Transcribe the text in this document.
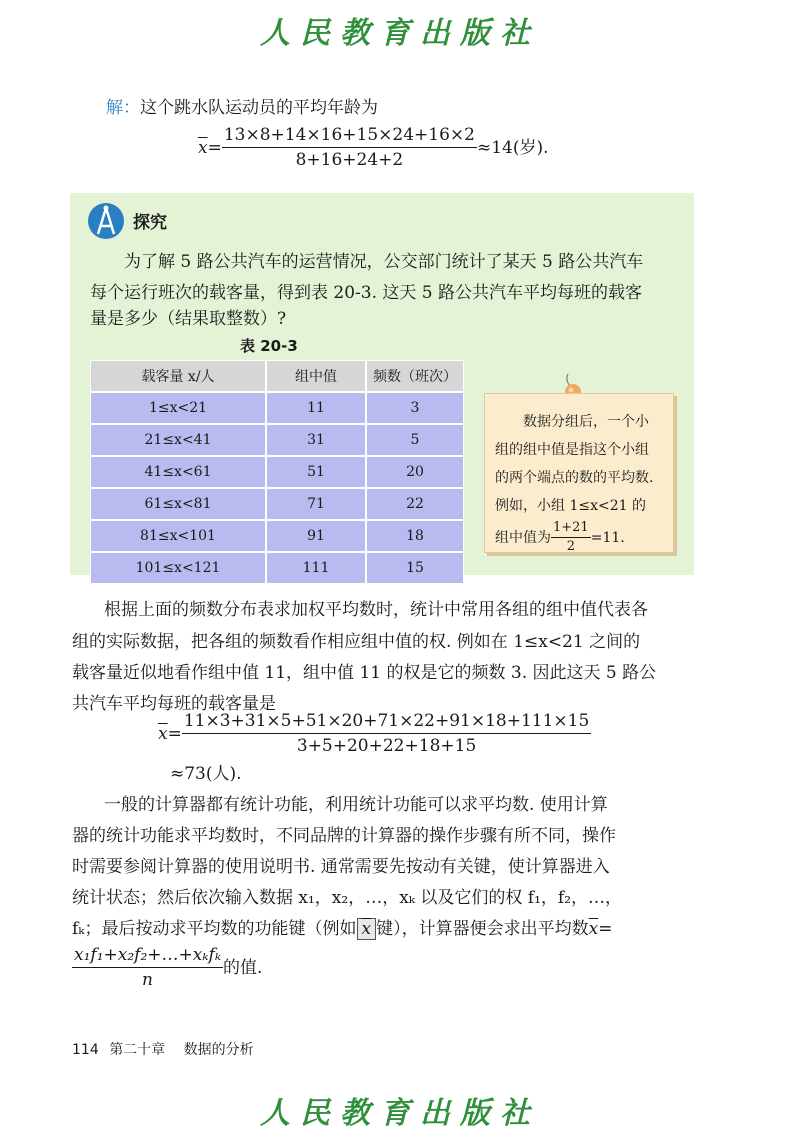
人民教育出版社
解：这个跳水队运动员的平均年龄为
$\overline{x} = \frac{13\times 8+14\times 16+15\times 24+16\times 2}{8+16+24+2} \approx 14$(岁).
探究
为了解 5 路公共汽车的运营情况，公交部门统计了某天 5 路公共汽车
每个运行班次的载客量，得到表 20-3. 这天 5 路公共汽车平均每班的载客
量是多少（结果取整数）?
表 20-3
载客量 x/人	组中值	频数（班次）
1≤x<21	11	3
21≤x<41	31	5
41≤x<61	51	20
61≤x<81	71	22
81≤x<101	91	18
101≤x<121	111	15
数据分组后，一个小
组的组中值是指这个小组
的两个端点的数的平均数.
例如，小组 1≤x<21 的
组中值为 $\frac{1+21}{2} =11$.
根据上面的频数分布表求加权平均数时，统计中常用各组的组中值代表各
组的实际数据，把各组的频数看作相应组中值的权. 例如在 1≤x<21 之间的
载客量近似地看作组中值 11，组中值 11 的权是它的频数 3. 因此这天 5 路公
共汽车平均每班的载客量是
$\overline{x} = \frac{11\times 3+31\times 5+51\times 20+71\times 22+91\times 18+111\times 15}{3+5+20+22+18+15}$
≈73(人).
一般的计算器都有统计功能，利用统计功能可以求平均数. 使用计算
器的统计功能求平均数时，不同品牌的计算器的操作步骤有所不同，操作
时需要参阅计算器的使用说明书. 通常需要先按动有关键，使计算器进入
统计状态；然后依次输入数据 x₁，x₂，…，xₖ 以及它们的权 f₁，f₂，…，
fₖ；最后按动求平均数的功能键（例如 $\overline{x}$ 键），计算器便会求出平均数$\overline{x}=$
$\frac{\text{x₁f₁+x₂f₂+…+xₖfₖ}}{n}$ 的值.
114 第二十章 数据的分析
人民教育出版社
